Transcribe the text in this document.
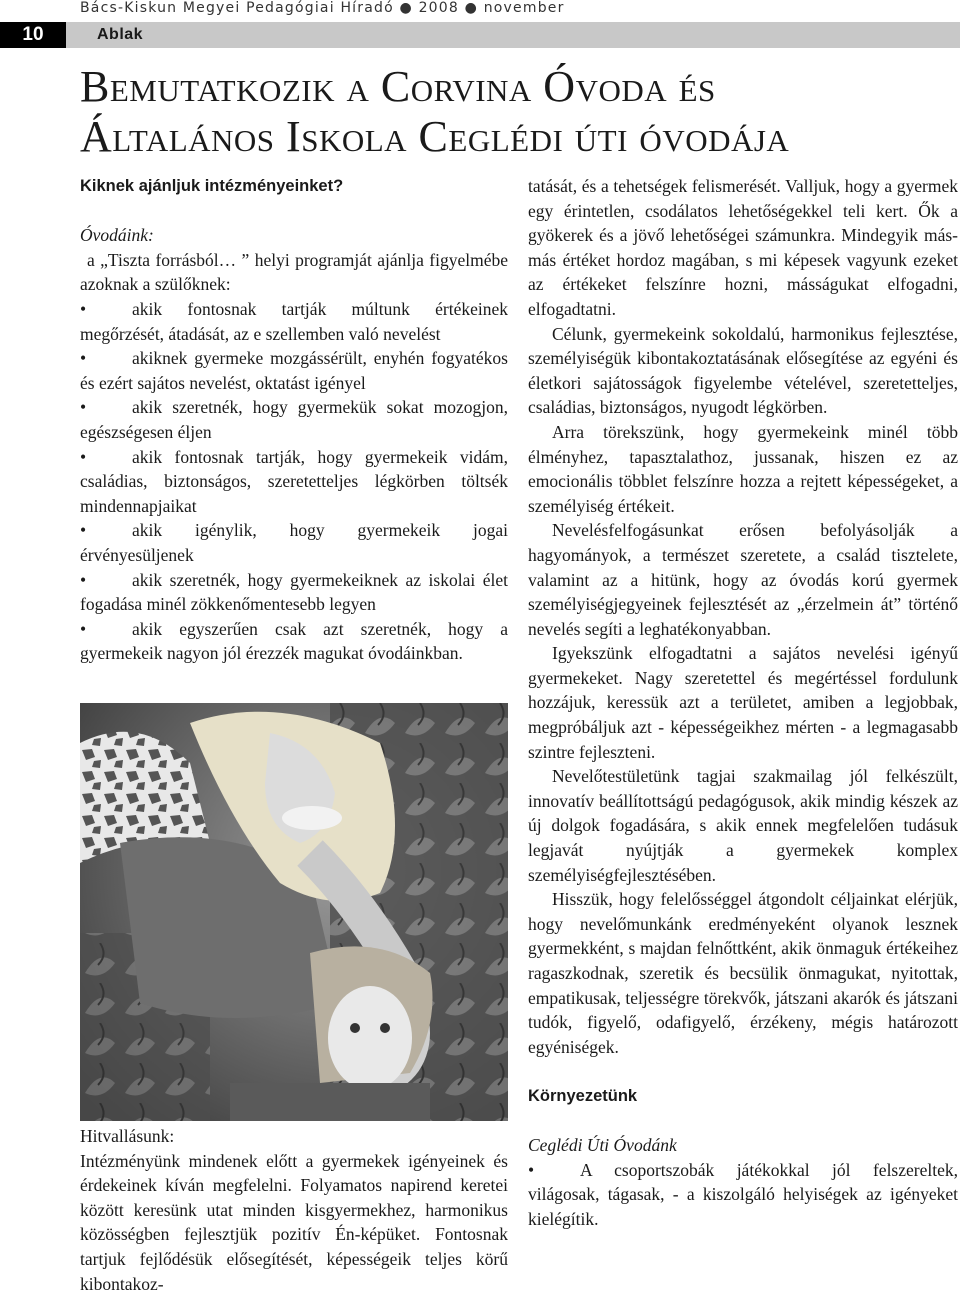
Bács-Kiskun Megyei Pedagógiai Híradó ● 2008 ● november
10	Ablak
Bemutatkozik a Corvina Óvoda és
Általános Iskola Ceglédi úti óvodája

Kiknek ajánljuk intézményeinket?

Óvodáink:

a „Tiszta forrásból… ” helyi programját ajánlja figyelmébe azoknak a szülőknek:

•	akik fontosnak tartják múltunk értékeinek megőrzését, átadását, az e szellemben való nevelést

•	akiknek gyermeke mozgássérült, enyhén fogyatékos és ezért sajátos nevelést, oktatást igényel

•	akik szeretnék, hogy gyermekük sokat mozogjon, egészségesen éljen

•	akik fontosnak tartják, hogy gyermekeik vidám, családias, biztonságos, szeretetteljes légkörben töltsék mindennapjaikat

•	akik igénylik, hogy gyermekeik jogai érvényesüljenek

•	akik szeretnék, hogy gyermekeiknek az iskolai élet fogadása minél zökkenőmentesebb legyen

•	akik egyszerűen csak azt szeretnék, hogy a gyermekeik nagyon jól érezzék magukat óvodáinkban.

Hitvallásunk:

Intézményünk mindenek előtt a gyermekek igényeinek és érdekeinek kíván megfelelni. Folyamatos napirend keretei között keresünk utat minden kisgyermekhez, harmonikus közösségben fejlesztjük pozitív Én-képüket. Fontosnak tartjuk fejlődésük elősegítését, képességeik teljes körű kibontakoz-

tatását, és a tehetségek felismerését. Valljuk, hogy a gyermek egy érintetlen, csodálatos lehetőségekkel teli kert. Ők a gyökerek és a jövő lehetőségei számunkra. Mindegyik más-más értéket hordoz magában, s mi képesek vagyunk ezeket az értékeket felszínre hozni, másságukat elfogadni, elfogadtatni.

Célunk, gyermekeink sokoldalú, harmonikus fejlesztése, személyiségük kibontakoztatásának elősegítése az egyéni és életkori sajátosságok figyelembe vételével, szeretetteljes, családias, biztonságos, nyugodt légkörben.

Arra törekszünk, hogy gyermekeink minél több élményhez, tapasztalathoz, jussanak, hiszen ez az emocionális többlet felszínre hozza a rejtett képességeket, a személyiség értékeit.

Nevelésfelfogásunkat erősen befolyásolják a hagyományok, a természet szeretete, a család tisztelete, valamint az a hitünk, hogy az óvodás korú gyermek személyiségjegyeinek fejlesztését az „érzelmein át” történő nevelés segíti a leghatékonyabban.

Igyekszünk elfogadtatni a sajátos nevelési igényű gyermekeket. Nagy szeretettel és megértéssel fordulunk hozzájuk, keressük azt a területet, amiben a legjobbak, megpróbáljuk azt - képességeikhez mérten - a legmagasabb szintre fejleszteni.

Nevelőtestületünk tagjai szakmailag jól felkészült, innovatív beállítottságú pedagógusok, akik mindig készek az új dolgok fogadására, s akik ennek megfelelően tudásuk legjavát nyújtják a gyermekek komplex személyiségfejlesztésében.

Hisszük, hogy felelősséggel átgondolt céljainkat elérjük, hogy nevelőmunkánk eredményeként olyanok lesznek gyermekként, s majdan felnőttként, akik önmaguk értékeihez ragaszkodnak, szeretik és becsülik önmagukat, nyitottak, empatikusak, teljességre törekvők, játszani akarók és játszani tudók, figyelő, odafigyelő, érzékeny, mégis határozott egyéniségek.

Környezetünk

Ceglédi Úti Óvodánk

•	A csoportszobák játékokkal jól felszereltek, világosak, tágasak, - a kiszolgáló helyiségek az igényeket kielégítik.
